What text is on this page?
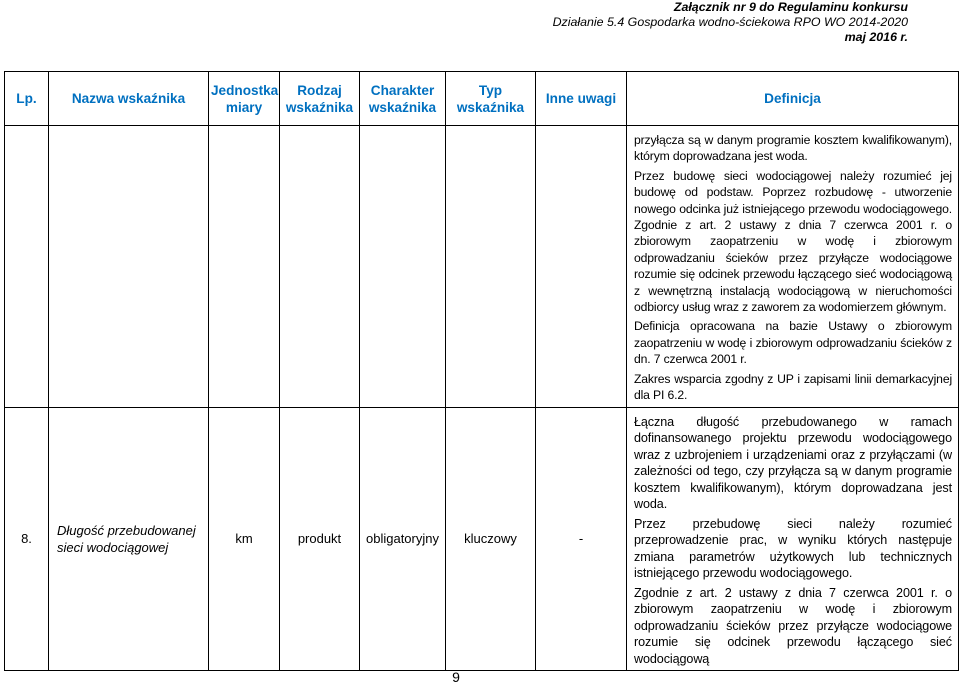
Załącznik nr 9 do Regulaminu konkursu
Działanie 5.4 Gospodarka wodno-ściekowa RPO WO 2014-2020
maj 2016 r.
Lp.	Nazwa wskaźnika	Jednostka miary	Rodzaj wskaźnika	Charakter wskaźnika	Typ wskaźnika	Inne uwagi	Definicja

							przyłącza są w danym programie kosztem kwalifikowanym), którym doprowadzana jest woda.

Przez budowę sieci wodociągowej należy rozumieć jej budowę od podstaw. Poprzez rozbudowę - utworzenie nowego odcinka już istniejącego przewodu wodociągowego. Zgodnie z art. 2 ustawy z dnia 7 czerwca 2001 r. o zbiorowym zaopatrzeniu w wodę i zbiorowym odprowadzaniu ścieków przez przyłącze wodociągowe rozumie się odcinek przewodu łączącego sieć wodociągową z wewnętrzną instalacją wodociągową w nieruchomości odbiorcy usług wraz z zaworem za wodomierzem głównym.

Definicja opracowana na bazie Ustawy o zbiorowym zaopatrzeniu w wodę i zbiorowym odprowadzaniu ścieków z dn. 7 czerwca 2001 r.

Zakres wsparcia zgodny z UP i zapisami linii demarkacyjnej dla PI 6.2.

8.	Długość przebudowanej sieci wodociągowej	km	produkt	obligatoryjny	kluczowy	-	Łączna długość przebudowanego w ramach dofinansowanego projektu przewodu wodociągowego wraz z uzbrojeniem i urządzeniami oraz z przyłączami (w zależności od tego, czy przyłącza są w danym programie kosztem kwalifikowanym), którym doprowadzana jest woda.

Przez przebudowę sieci należy rozumieć przeprowadzenie prac, w wyniku których następuje zmiana parametrów użytkowych lub technicznych istniejącego przewodu wodociągowego.

Zgodnie z art. 2 ustawy z dnia 7 czerwca 2001 r. o zbiorowym zaopatrzeniu w wodę i zbiorowym odprowadzaniu ścieków przez przyłącze wodociągowe rozumie się odcinek przewodu łączącego sieć wodociągową

9
